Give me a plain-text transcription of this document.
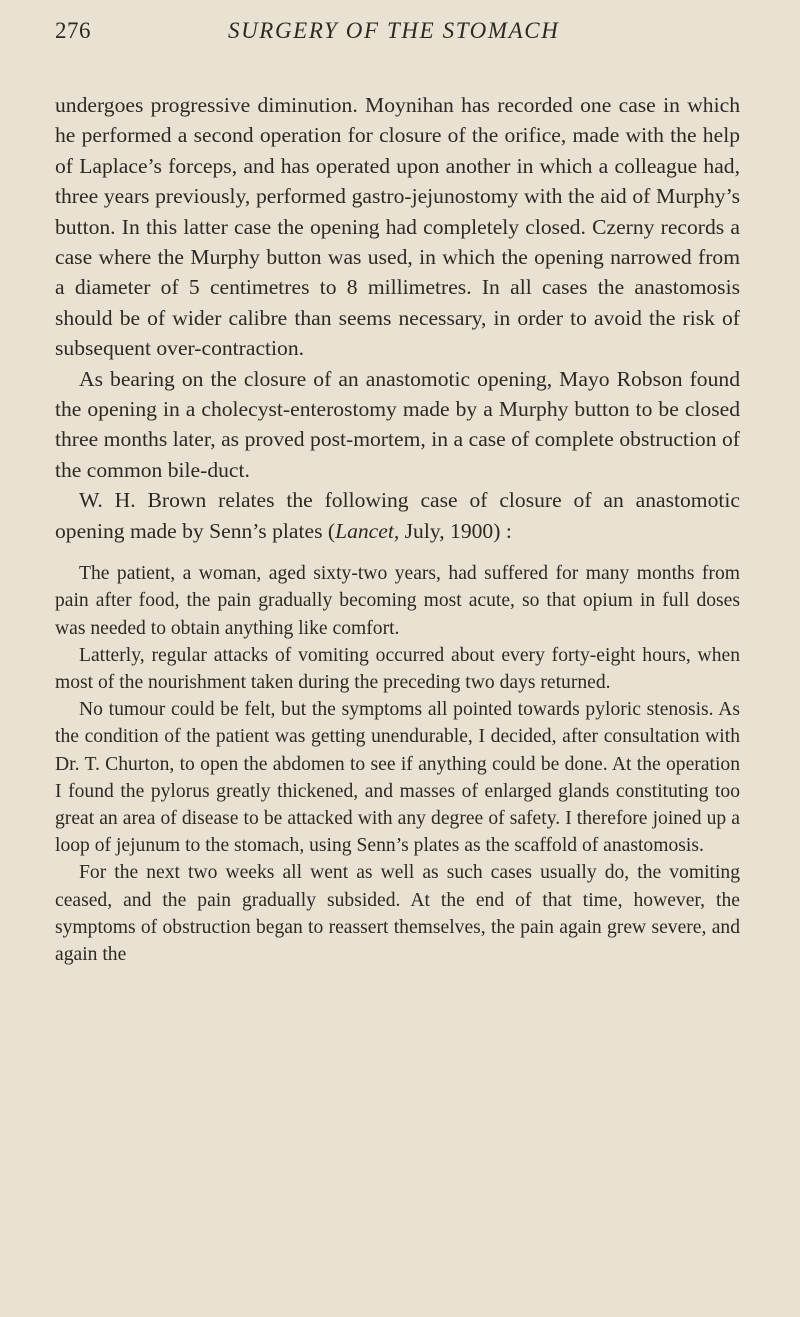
276	SURGERY OF THE STOMACH

undergoes progressive diminution. Moynihan has recorded one case in which he performed a second operation for closure of the orifice, made with the help of Laplace’s forceps, and has operated upon another in which a colleague had, three years previously, performed gastro-jejunostomy with the aid of Murphy’s button. In this latter case the opening had completely closed. Czerny records a case where the Murphy button was used, in which the opening narrowed from a diameter of 5 centimetres to 8 millimetres. In all cases the anastomosis should be of wider calibre than seems necessary, in order to avoid the risk of subsequent over-contraction.

As bearing on the closure of an anastomotic opening, Mayo Robson found the opening in a cholecyst-enterostomy made by a Murphy button to be closed three months later, as proved post-mortem, in a case of complete obstruction of the common bile-duct.

W. H. Brown relates the following case of closure of an anastomotic opening made by Senn’s plates (Lancet, July, 1900) :

The patient, a woman, aged sixty-two years, had suffered for many months from pain after food, the pain gradually becoming most acute, so that opium in full doses was needed to obtain anything like comfort.

Latterly, regular attacks of vomiting occurred about every forty-eight hours, when most of the nourishment taken during the preceding two days returned.

No tumour could be felt, but the symptoms all pointed towards pyloric stenosis. As the condition of the patient was getting unendurable, I decided, after consultation with Dr. T. Churton, to open the abdomen to see if anything could be done. At the operation I found the pylorus greatly thickened, and masses of enlarged glands constituting too great an area of disease to be attacked with any degree of safety. I therefore joined up a loop of jejunum to the stomach, using Senn’s plates as the scaffold of anastomosis.

For the next two weeks all went as well as such cases usually do, the vomiting ceased, and the pain gradually subsided. At the end of that time, however, the symptoms of obstruction began to reassert themselves, the pain again grew severe, and again the
